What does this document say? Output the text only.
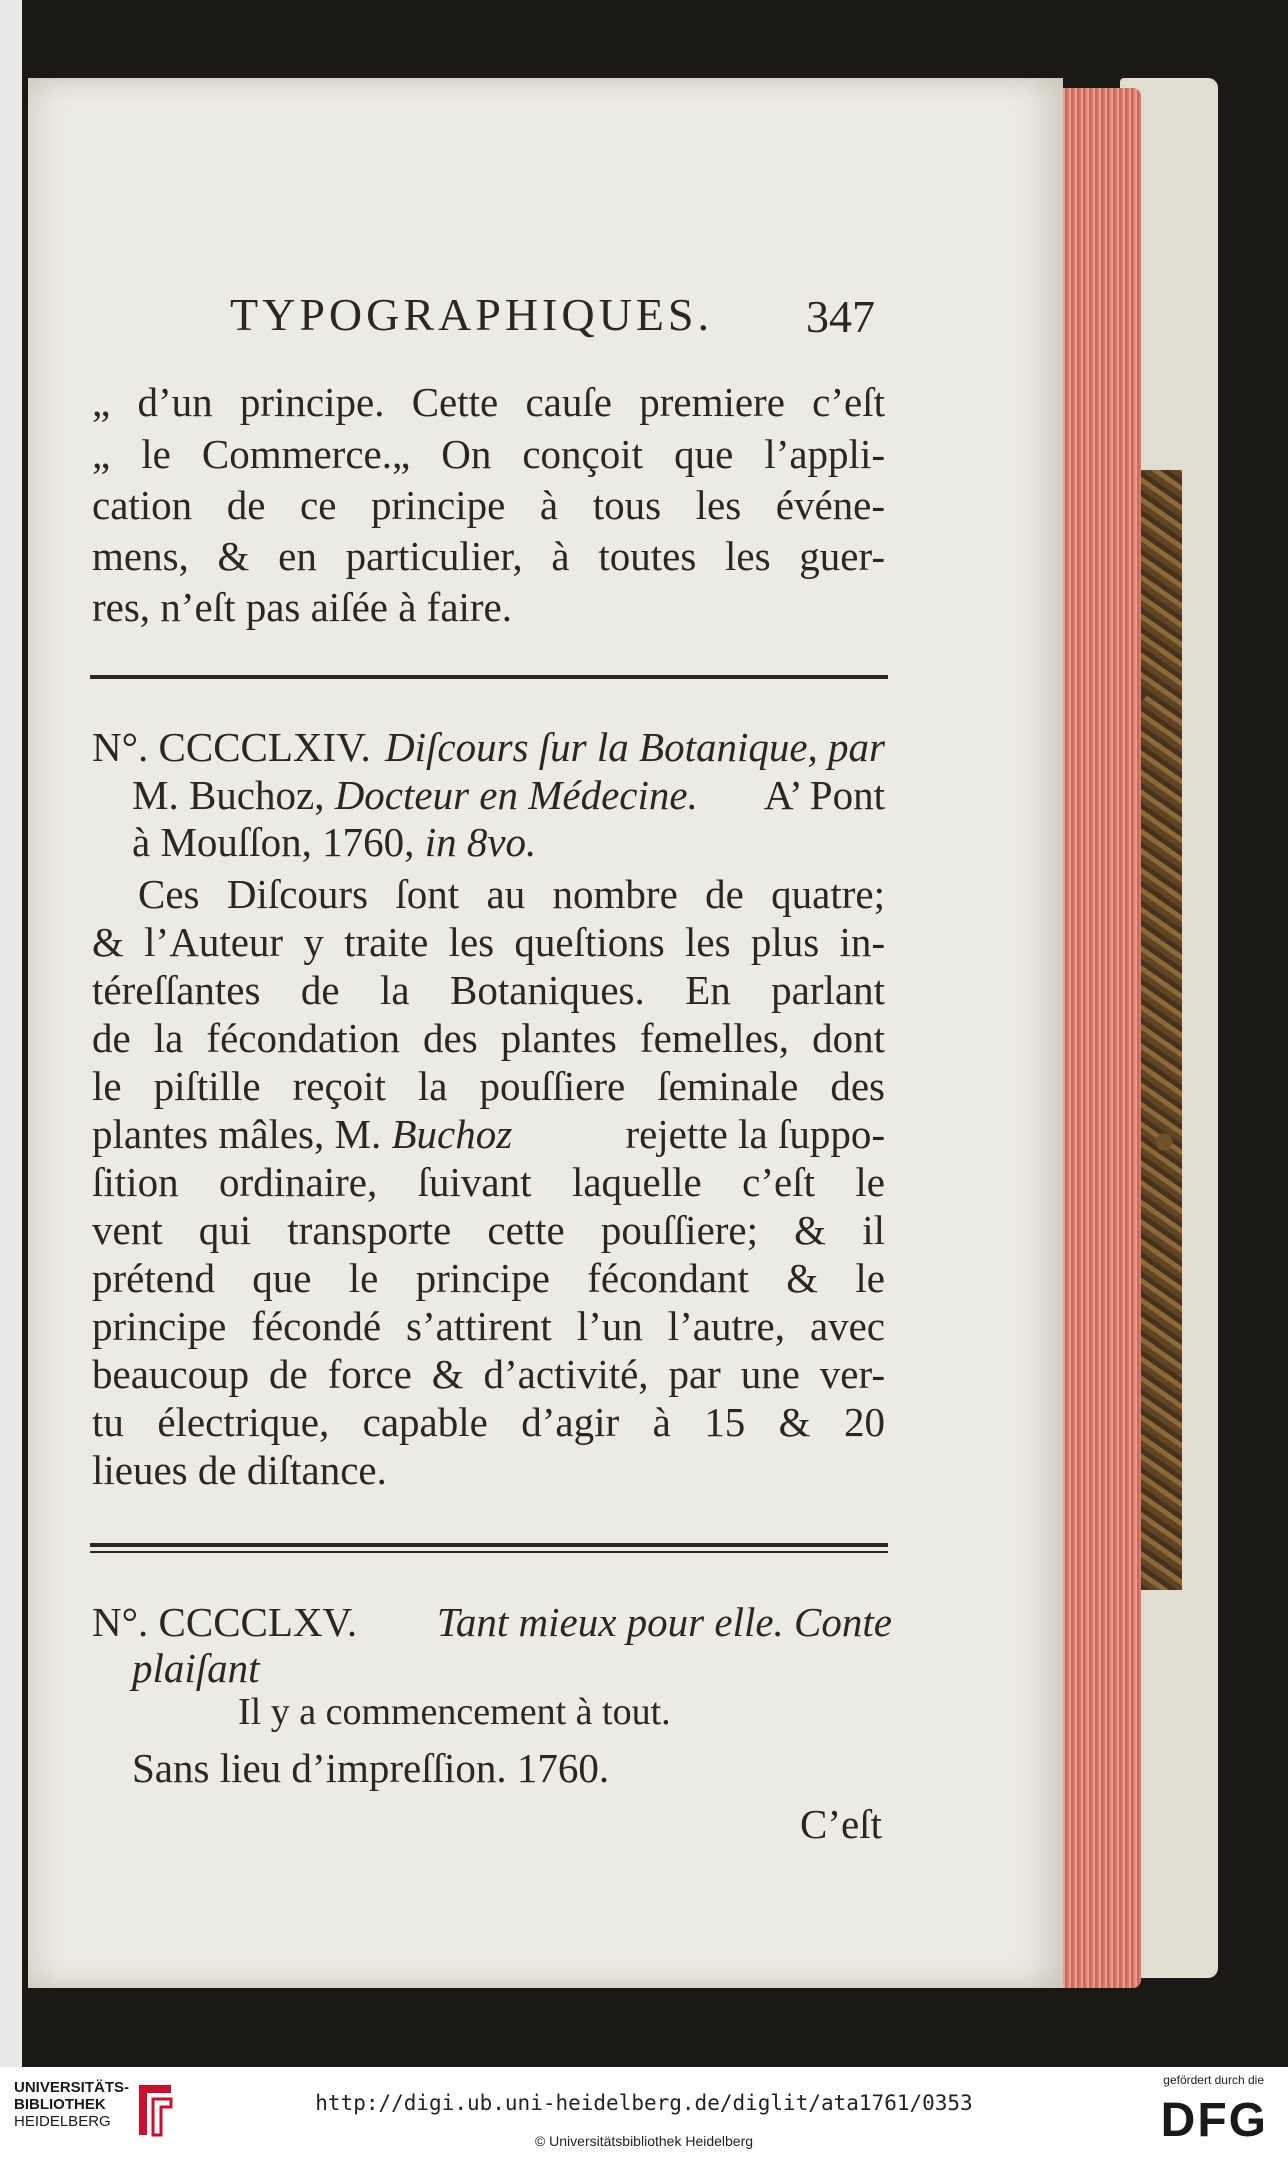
TYPOGRAPHIQUES. 347
„ d’un principe. Cette cauſe premiere c’eſt
„ le Commerce.„ On conçoit que l’appli-
cation de ce principe à tous les événe-
mens, & en particulier, à toutes les guer-
res, n’eſt pas aiſée à faire.
N°. CCCCLXIV. Diſcours ſur la Botanique, par
M. Buchoz, Docteur en Médecine. A’ Pont
à Mouſſon, 1760, in 8vo.
Ces Diſcours ſont au nombre de quatre;
& l’Auteur y traite les queſtions les plus in-
téreſſantes de la Botaniques. En parlant
de la fécondation des plantes femelles, dont
le piſtille reçoit la pouſſiere ſeminale des
plantes mâles, M. Buchoz	rejette la ſuppo-
ſition ordinaire, ſuivant laquelle c’eſt le
vent qui transporte cette pouſſiere; & il
prétend que le principe fécondant & le
principe fécondé s’attirent l’un l’autre, avec
beaucoup de force & d’activité, par une ver-
tu électrique, capable d’agir à 15 & 20
lieues de diſtance.
N°. CCCCLXV. Tant mieux pour elle. Conte
plaiſant
Il y a commencement à tout.
Sans lieu d’impreſſion. 1760.
C’eſt
UNIVERSITÄTS-
BIBLIOTHEK
HEIDELBERG
http://digi.ub.uni-heidelberg.de/diglit/ata1761/0353
© Universitätsbibliothek Heidelberg
gefördert durch die
DFG
